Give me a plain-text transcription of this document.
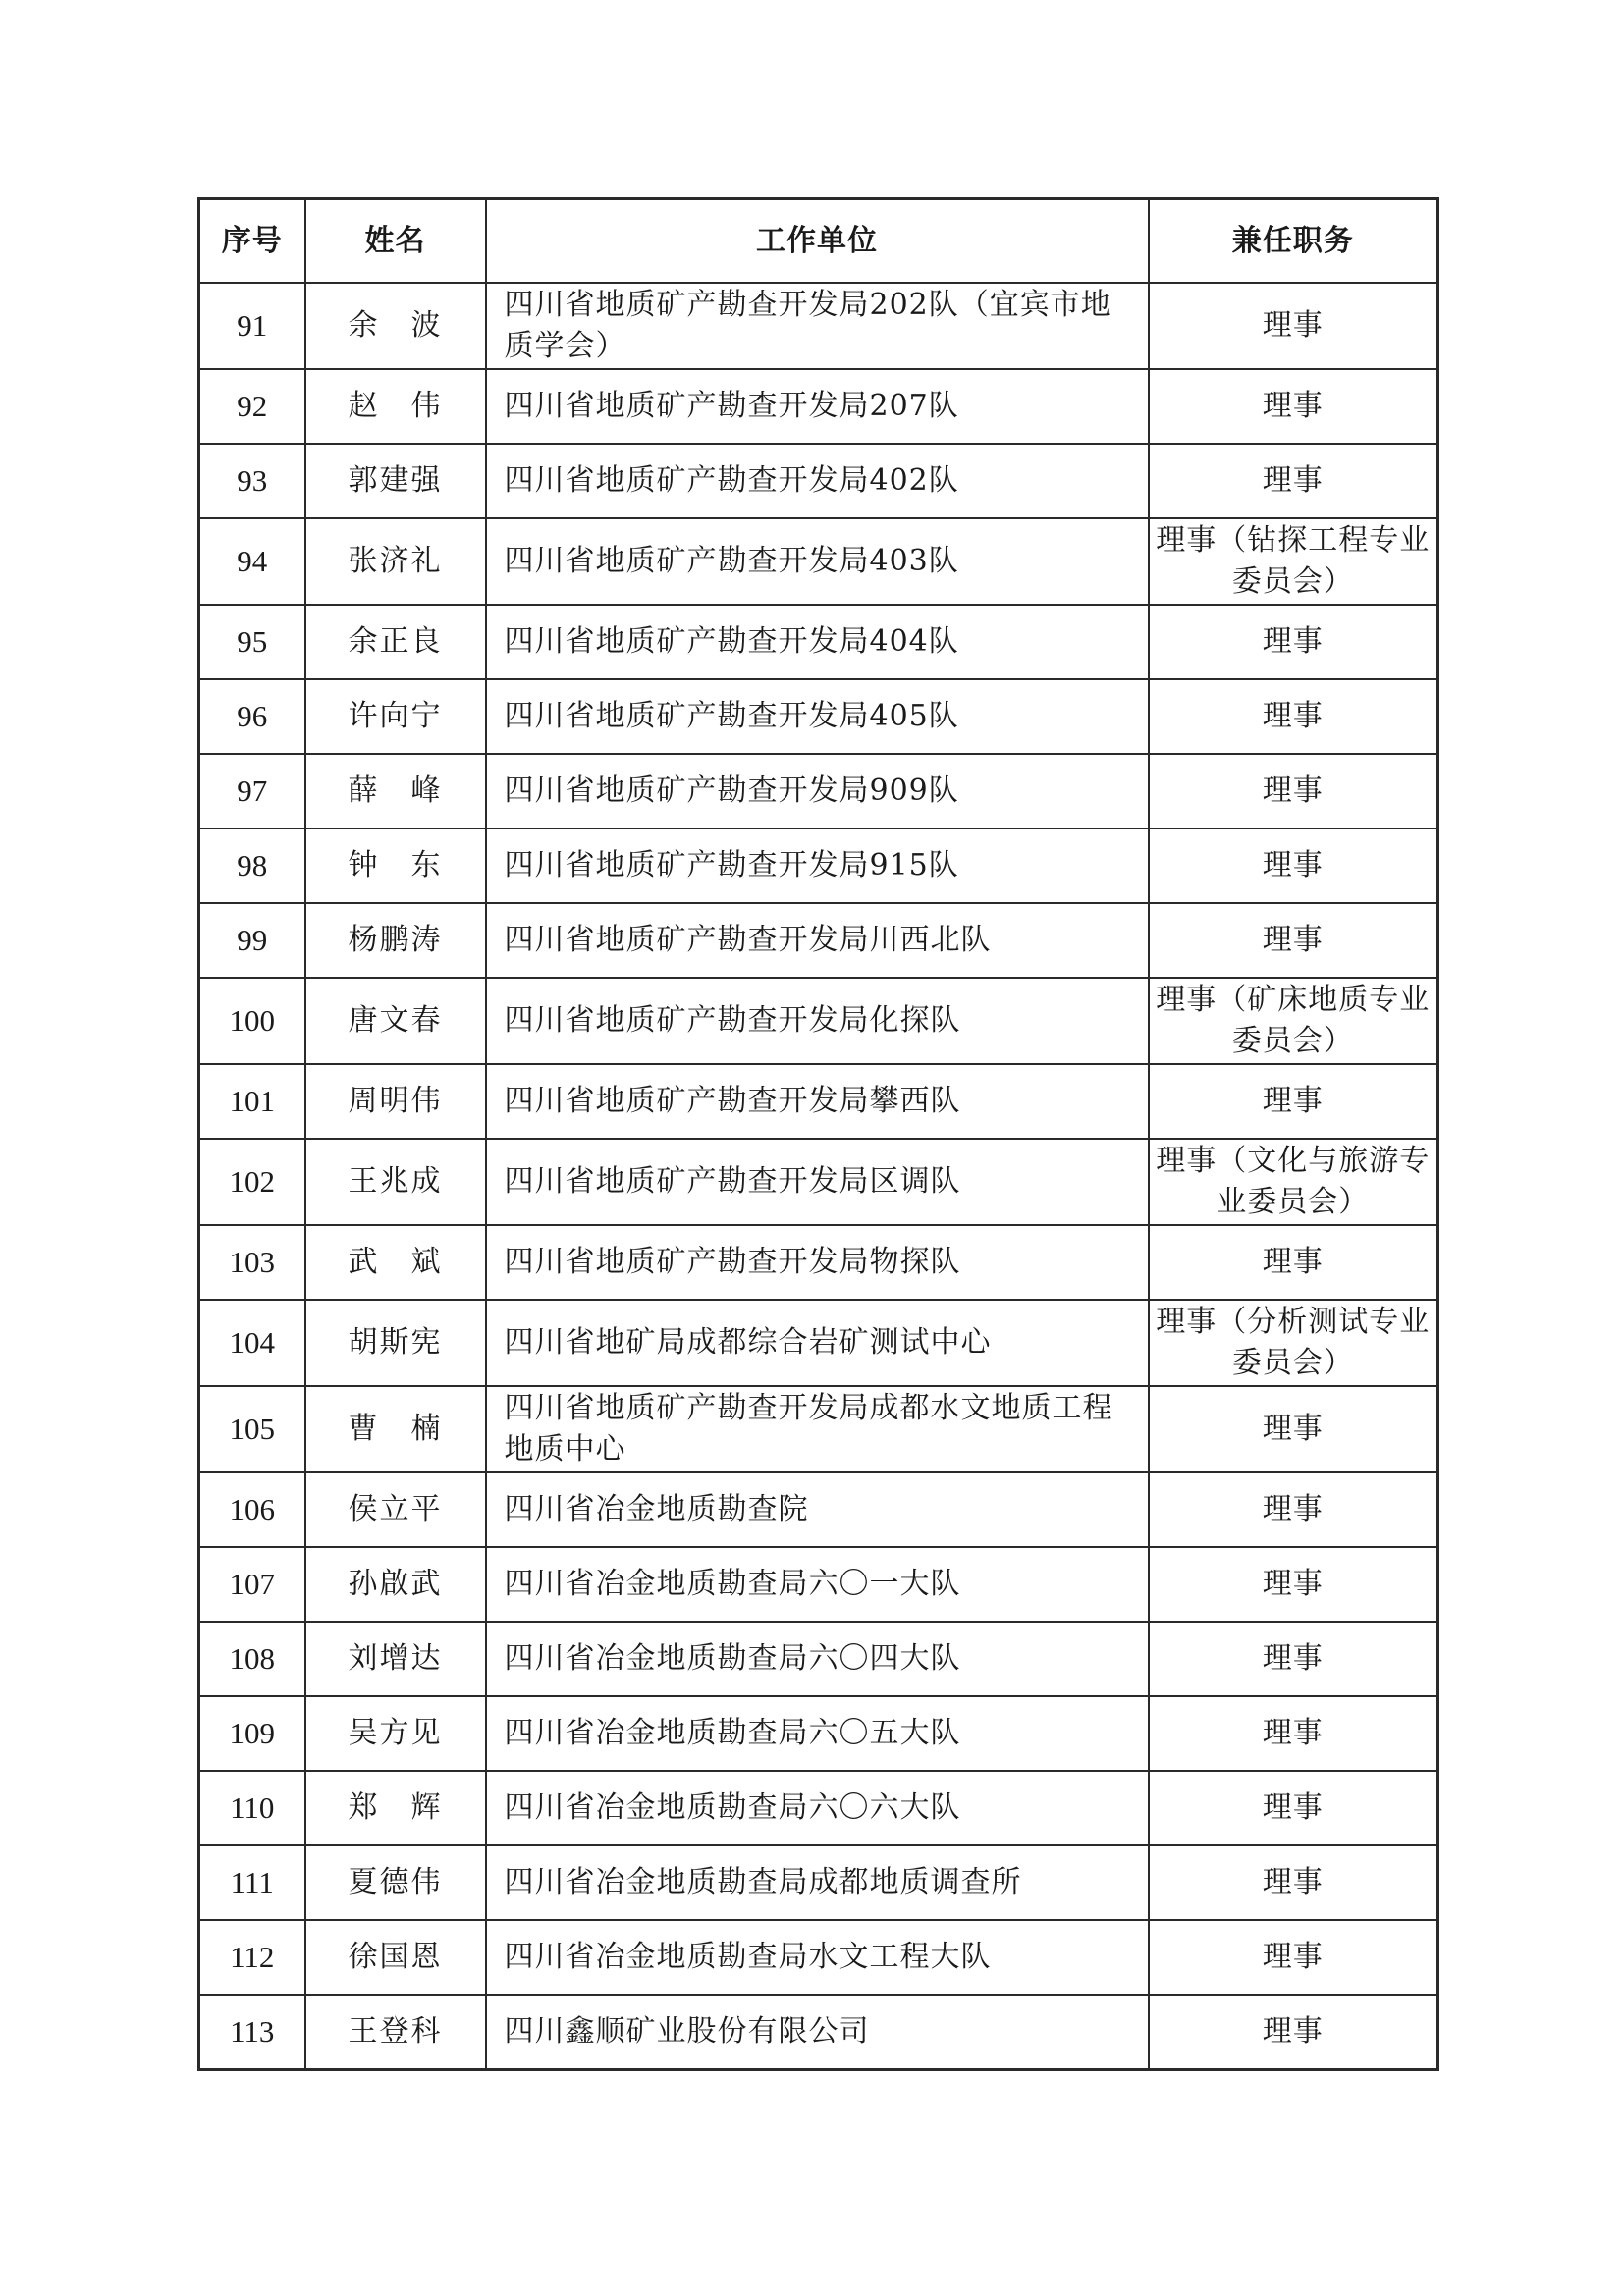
序号	姓名	工作单位	兼任职务
91	余　波	四川省地质矿产勘查开发局202队（宜宾市地质学会）	理事
92	赵　伟	四川省地质矿产勘查开发局207队	理事
93	郭建强	四川省地质矿产勘查开发局402队	理事
94	张济礼	四川省地质矿产勘查开发局403队	理事（钻探工程专业委员会）
95	余正良	四川省地质矿产勘查开发局404队	理事
96	许向宁	四川省地质矿产勘查开发局405队	理事
97	薛　峰	四川省地质矿产勘查开发局909队	理事
98	钟　东	四川省地质矿产勘查开发局915队	理事
99	杨鹏涛	四川省地质矿产勘查开发局川西北队	理事
100	唐文春	四川省地质矿产勘查开发局化探队	理事（矿床地质专业委员会）
101	周明伟	四川省地质矿产勘查开发局攀西队	理事
102	王兆成	四川省地质矿产勘查开发局区调队	理事（文化与旅游专业委员会）
103	武　斌	四川省地质矿产勘查开发局物探队	理事
104	胡斯宪	四川省地矿局成都综合岩矿测试中心	理事（分析测试专业委员会）
105	曹　楠	四川省地质矿产勘查开发局成都水文地质工程地质中心	理事
106	侯立平	四川省冶金地质勘查院	理事
107	孙啟武	四川省冶金地质勘查局六〇一大队	理事
108	刘增达	四川省冶金地质勘查局六〇四大队	理事
109	吴方见	四川省冶金地质勘查局六〇五大队	理事
110	郑　辉	四川省冶金地质勘查局六〇六大队	理事
111	夏德伟	四川省冶金地质勘查局成都地质调查所	理事
112	徐国恩	四川省冶金地质勘查局水文工程大队	理事
113	王登科	四川鑫顺矿业股份有限公司	理事
